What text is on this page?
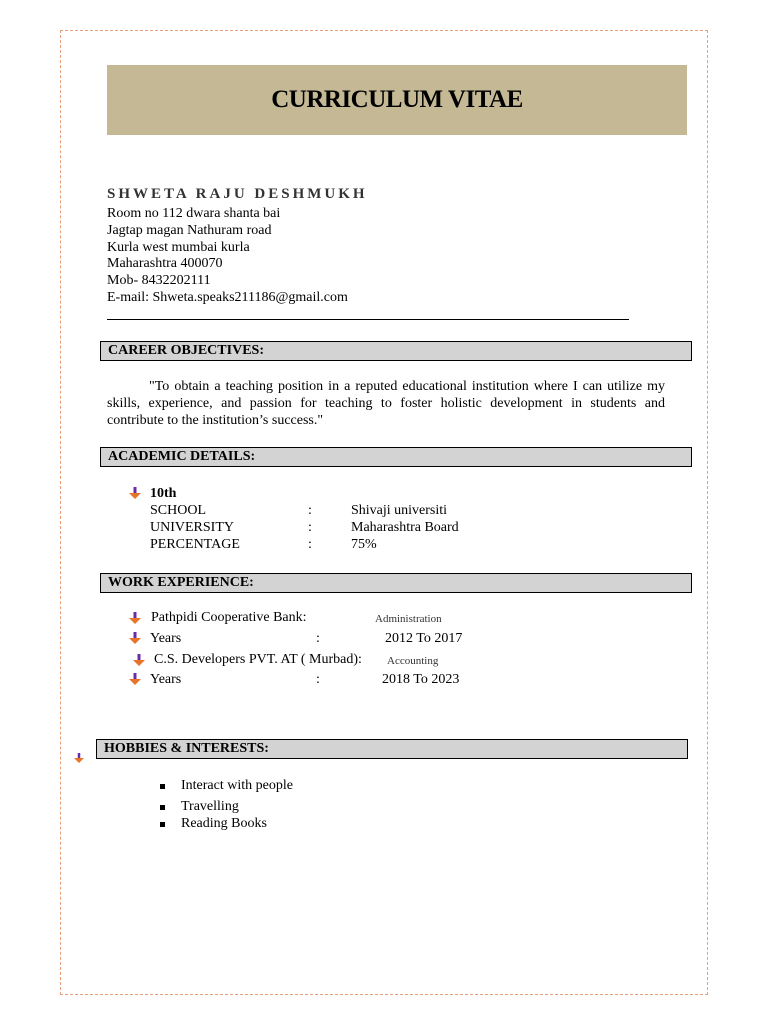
CURRICULUM VITAE
SHWETA RAJU DESHMUKH
Room no 112 dwara shanta bai
Jagtap magan Nathuram road
Kurla west mumbai kurla
Maharashtra 400070
Mob- 8432202111
E-mail: Shweta.speaks211186@gmail.com
CAREER OBJECTIVES:
"To obtain a teaching position in a reputed educational institution where I can utilize my skills, experience, and passion for teaching to foster holistic development in students and contribute to the institution’s success."
ACADEMIC DETAILS:
10th
SCHOOL	:	Shivaji universiti
UNIVERSITY	:	Maharashtra Board
PERCENTAGE	:	75%
WORK EXPERIENCE:
Pathpidi Cooperative Bank:	Administration
Years	:	2012 To 2017
C.S. Developers PVT. AT ( Murbad): Accounting
Years	:	2018 To 2023
HOBBIES & INTERESTS:
Interact with people
Travelling
Reading Books
